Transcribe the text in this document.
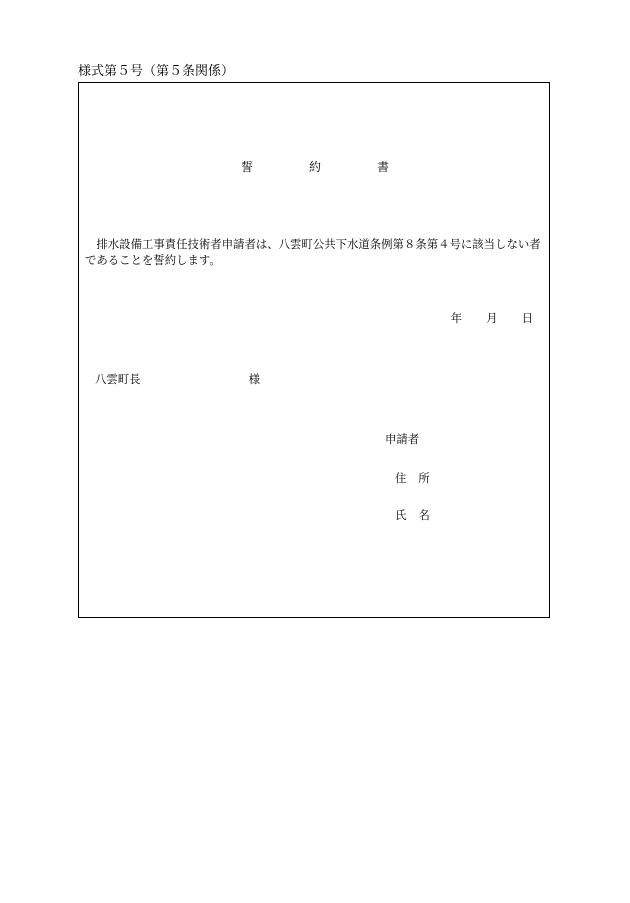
様式第５号（第５条関係）
誓	約	書
排水設備工事責任技術者申請者は、八雲町公共下水道条例第８条第４号に該当しない者であることを誓約します。
年 月 日
八雲町長	様
申請者
住所
氏名
